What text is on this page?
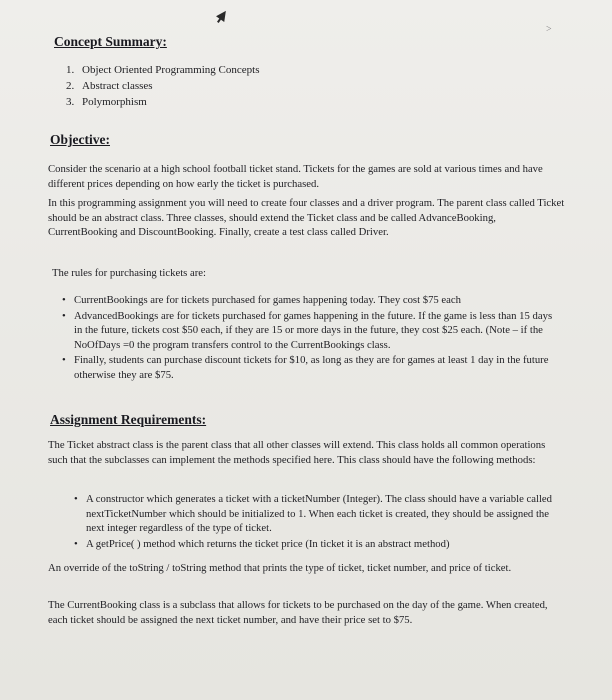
>
Concept Summary:
1. Object Oriented Programming Concepts
2. Abstract classes
3. Polymorphism
Objective:

Consider the scenario at a high school football ticket stand. Tickets for the games are sold at various times and have different prices depending on how early the ticket is purchased.

In this programming assignment you will need to create four classes and a driver program. The parent class called Ticket should be an abstract class. Three classes, should extend the Ticket class and be called AdvanceBooking, CurrentBooking and DiscountBooking. Finally, create a test class called Driver.

The rules for purchasing tickets are:

• CurrentBookings are for tickets purchased for games happening today. They cost $75 each
• AdvancedBookings are for tickets purchased for games happening in the future. If the game is less than 15 days in the future, tickets cost $50 each, if they are 15 or more days in the future, they cost $25 each. (Note – if the NoOfDays =0 the program transfers control to the CurrentBookings class.
• Finally, students can purchase discount tickets for $10, as long as they are for games at least 1 day in the future otherwise they are $75.
Assignment Requirements:

The Ticket abstract class is the parent class that all other classes will extend. This class holds all common operations such that the subclasses can implement the methods specified here. This class should have the following methods:

• A constructor which generates a ticket with a ticketNumber (Integer). The class should have a variable called nextTicketNumber which should be initialized to 1. When each ticket is created, they should be assigned the next integer regardless of the type of ticket.
• A getPrice( ) method which returns the ticket price (In ticket it is an abstract method)

An override of the toString / toString method that prints the type of ticket, ticket number, and price of ticket.

The CurrentBooking class is a subclass that allows for tickets to be purchased on the day of the game. When created, each ticket should be assigned the next ticket number, and have their price set to $75.
